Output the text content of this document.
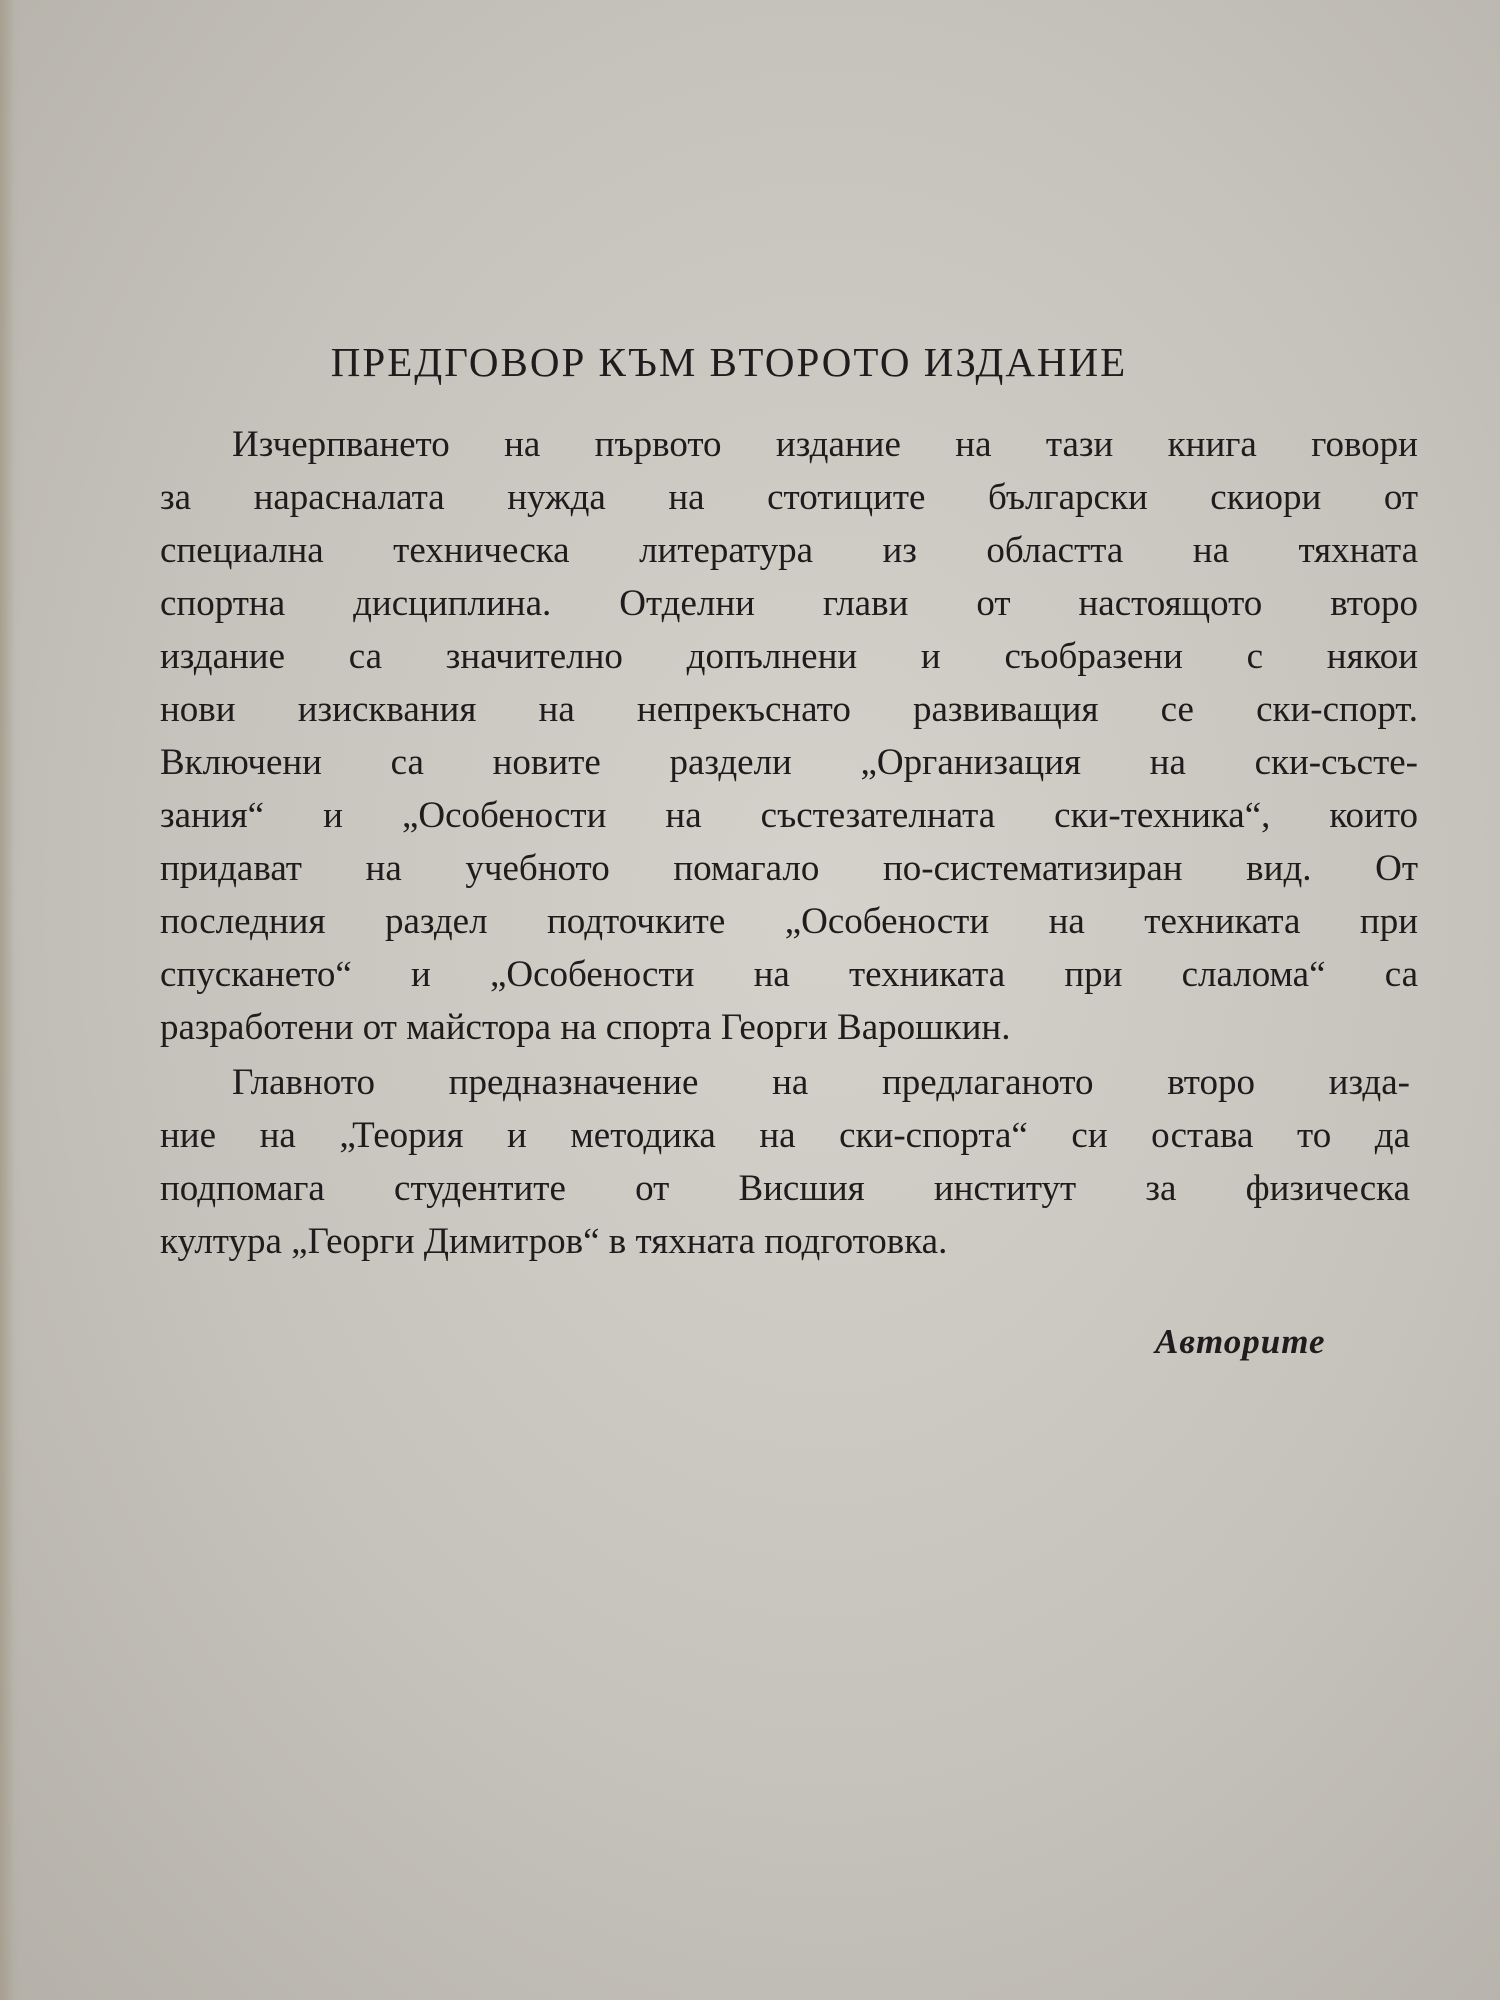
ПРЕДГОВОР КЪМ ВТОРОТО ИЗДАНИЕ
Изчерпването на първото издание на тази книга говори
за нарасналата нужда на стотиците български скиори от
специална техническа литература из областта на тяхната
спортна дисциплина. Отделни глави от настоящото второ
издание са значително допълнени и съобразени с някои
нови изисквания на непрекъснато развиващия се ски-спорт.
Включени са новите раздели „Организация на ски-състе-
зания“ и „Особености на състезателната ски-техника“, които
придават на учебното помагало по-систематизиран вид. От
последния раздел подточките „Особености на техниката при
спускането“ и „Особености на техниката при слалома“ са
разработени от майстора на спорта Георги Варошкин.
Главното предназначение на предлаганото второ изда-
ние на „Теория и методика на ски-спорта“ си остава то да
подпомага студентите от Висшия институт за физическа
култура „Георги Димитров“ в тяхната подготовка.
Авторите
